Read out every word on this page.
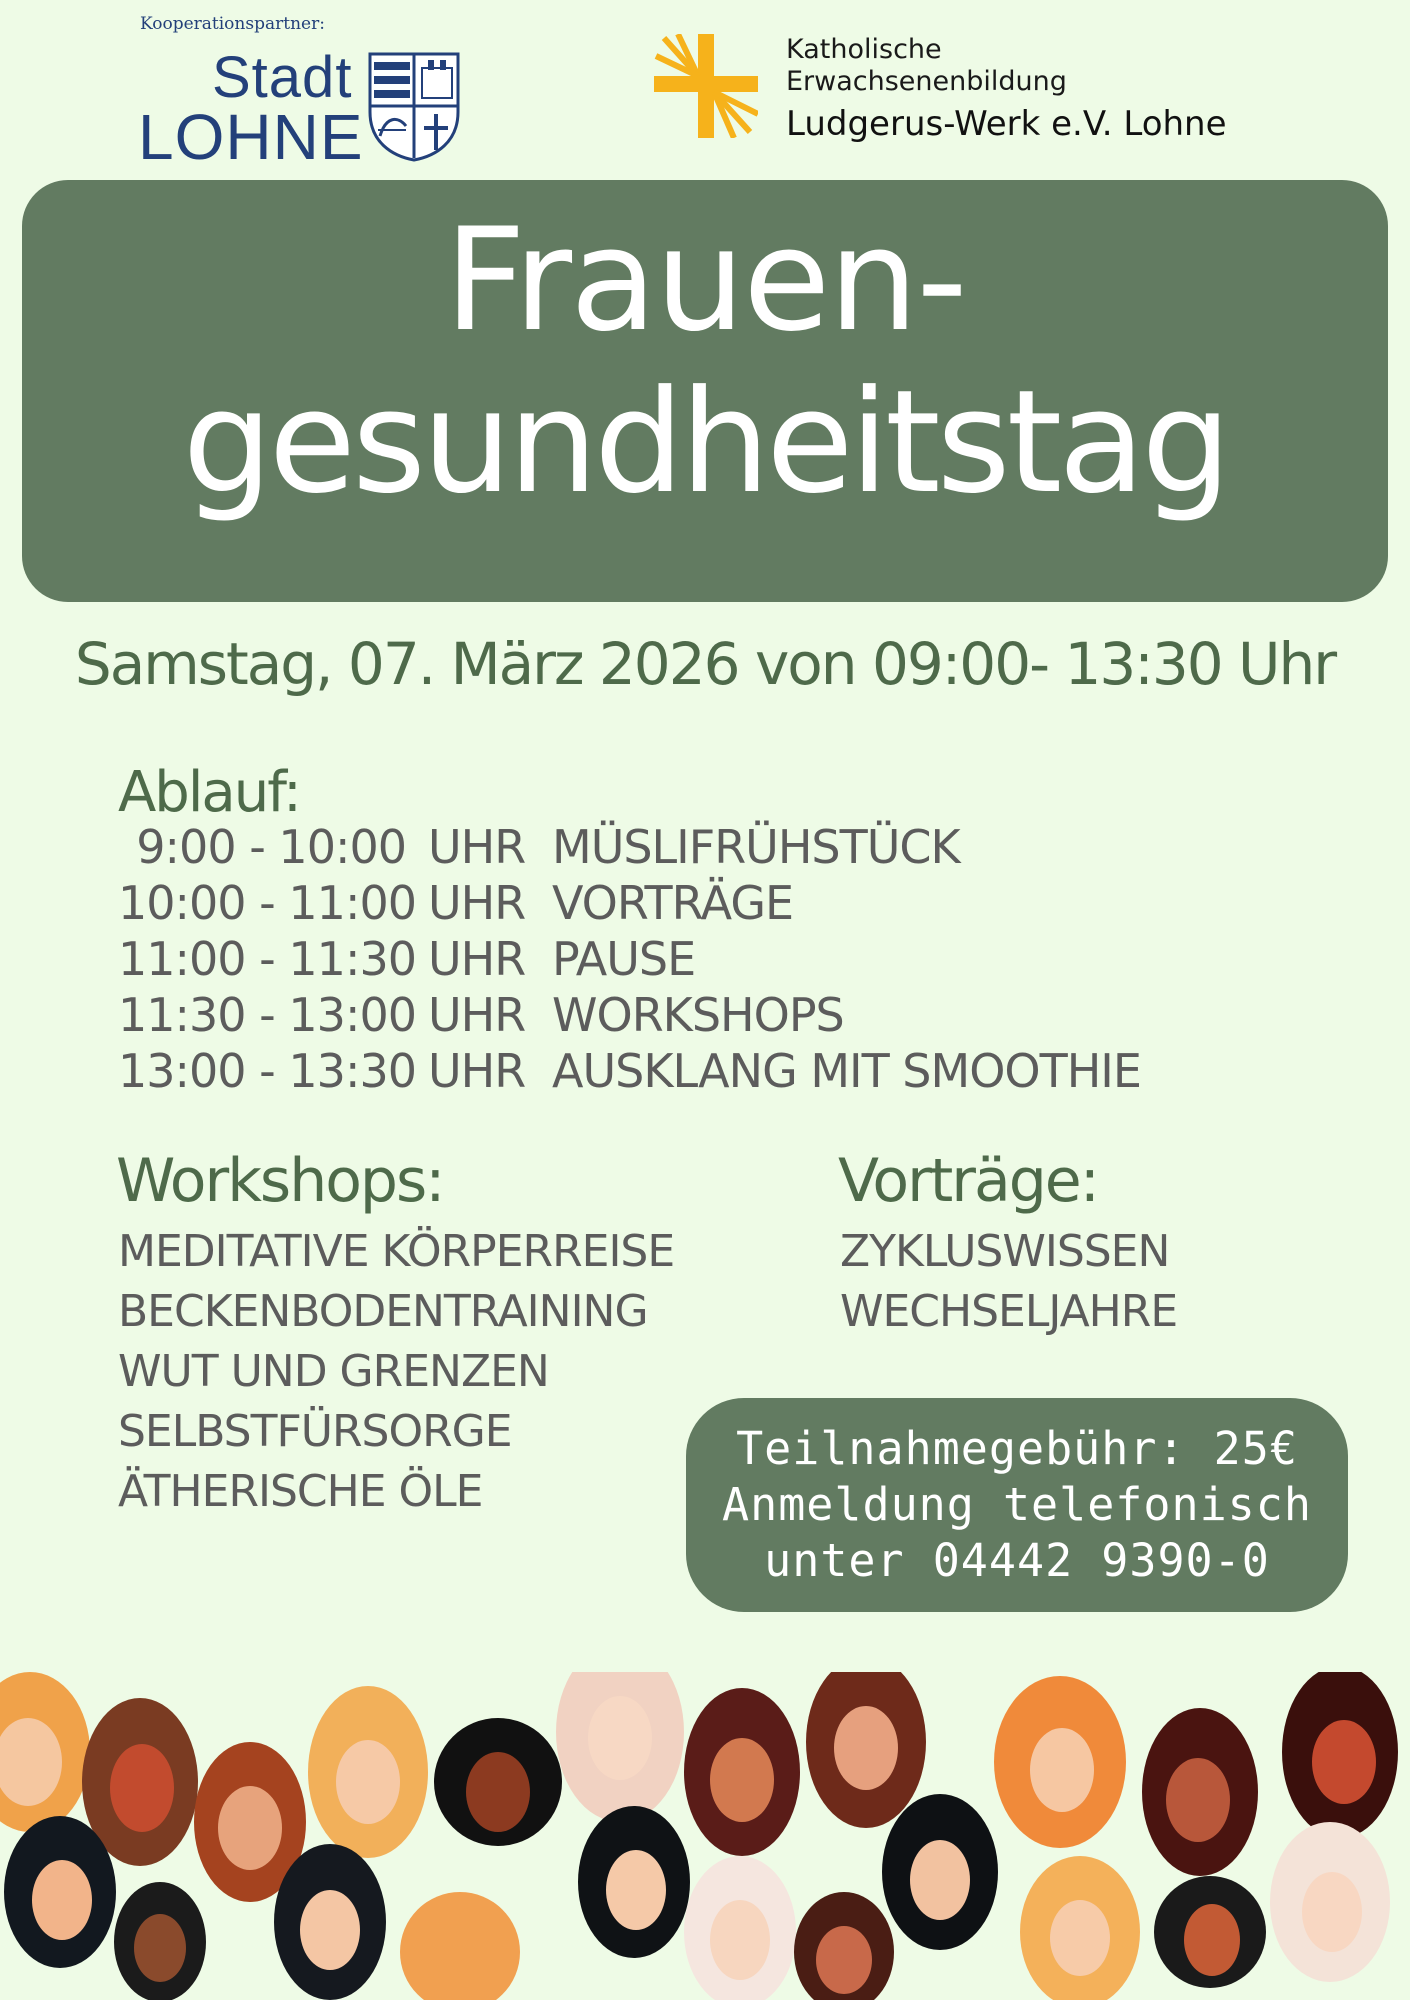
Kooperationspartner:
Stadt
LOHNE
Katholische
Erwachsenenbildung
Ludgerus-Werk e.V. Lohne
Frauen-
gesundheitstag
Samstag, 07. März 2026 von 09:00- 13:30 Uhr
Ablauf:
9:00 - 10:00 UHR MÜSLIFRÜHSTÜCK
10:00 - 11:00 UHR VORTRÄGE
11:00 - 11:30 UHR PAUSE
11:30 - 13:00 UHR WORKSHOPS
13:00 - 13:30 UHR AUSKLANG MIT SMOOTHIE
Workshops:
MEDITATIVE KÖRPERREISE
BECKENBODENTRAINING
WUT UND GRENZEN
SELBSTFÜRSORGE
ÄTHERISCHE ÖLE
Vorträge:
ZYKLUSWISSEN
WECHSELJAHRE
Teilnahmegebühr: 25€
Anmeldung telefonisch
unter 04442 9390-0
